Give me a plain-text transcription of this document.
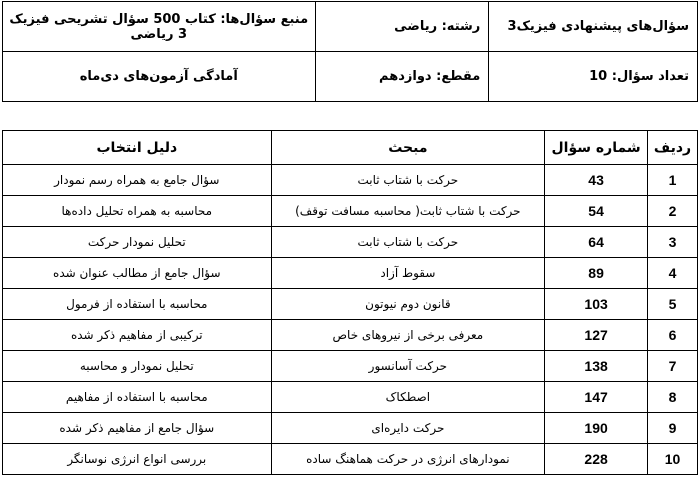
سؤال‌های پیشنهادی فیزیک3	رشته: ریاضی	منبع سؤال‌ها: کتاب 500 سؤال تشریحی فیزیک 3 ریاضی
تعداد سؤال: 10	مقطع: دوازدهم	آمادگی آزمون‌های دی‌ماه
ردیف	شماره سؤال	مبحث	دلیل انتخاب
1	43	حرکت با شتاب ثابت	سؤال جامع به همراه رسم نمودار
2	54	حرکت با شتاب ثابت( محاسبه مسافت توقف)	محاسبه به همراه تحلیل داده‌ها
3	64	حرکت با شتاب ثابت	تحلیل نمودار حرکت
4	89	سقوط آزاد	سؤال جامع از مطالب عنوان شده
5	103	قانون دوم نیوتون	محاسبه با استفاده از فرمول
6	127	معرفی برخی از نیروهای خاص	ترکیبی از مفاهیم ذکر شده
7	138	حرکت آسانسور	تحلیل نمودار و محاسبه
8	147	اصطکاک	محاسبه با استفاده از مفاهیم
9	190	حرکت دایره‌ای	سؤال جامع از مفاهیم ذکر شده
10	228	نمودارهای انرژی در حرکت هماهنگ ساده	بررسی انواع انرژی نوسانگر
